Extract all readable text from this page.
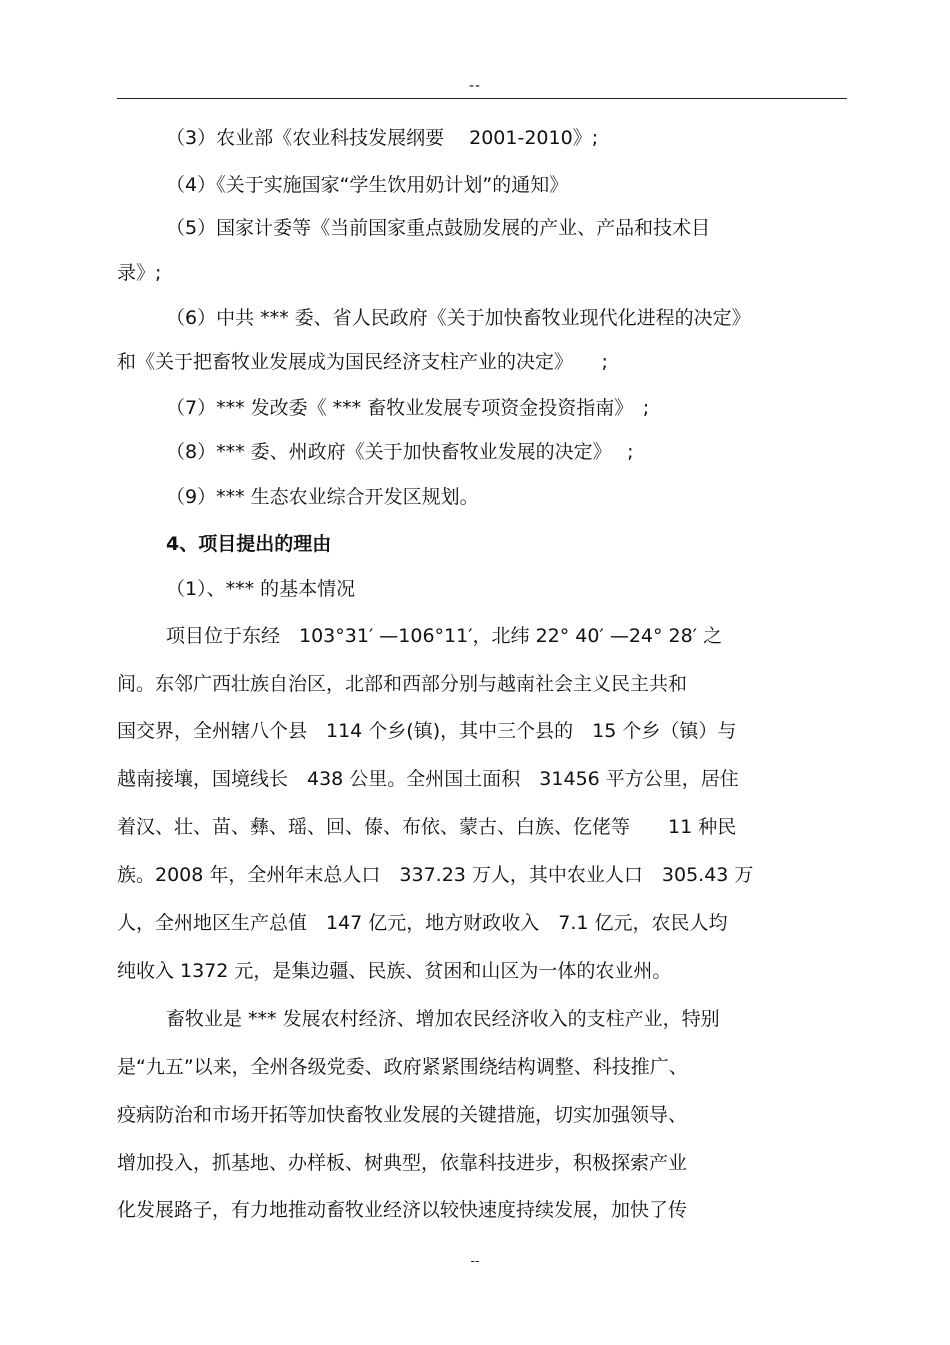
--
（3）农业部《农业科技发展纲要　 2001-2010》;
（4）《关于实施国家“学生饮用奶计划”的通知》
（5）国家计委等《当前国家重点鼓励发展的产业、产品和技术目
录》;
（6）中共 *** 委、省人民政府《关于加快畜牧业现代化进程的决定》
和《关于把畜牧业发展成为国民经济支柱产业的决定》　　;
（7）*** 发改委《 *** 畜牧业发展专项资金投资指南》　;
（8）*** 委、州政府《关于加快畜牧业发展的决定》　 ;
（9）*** 生态农业综合开发区规划。
4、项目提出的理由
（1）、*** 的基本情况
项目位于东经　103°31′ —106°11′，北纬 22° 40′ —24° 28′ 之
间。东邻广西壮族自治区，北部和西部分别与越南社会主义民主共和
国交界，全州辖八个县　114 个乡(镇)，其中三个县的　15 个乡（镇）与
越南接壤，国境线长　438 公里。全州国土面积　31456 平方公里，居住
着汉、壮、苗、彝、瑶、回、傣、布依、蒙古、白族、仡佬等　　11 种民
族。2008 年，全州年末总人口　337.23 万人，其中农业人口　305.43 万
人，全州地区生产总值　147 亿元，地方财政收入　7.1 亿元，农民人均
纯收入 1372 元，是集边疆、民族、贫困和山区为一体的农业州。
畜牧业是 *** 发展农村经济、增加农民经济收入的支柱产业，特别
是“九五”以来，全州各级党委、政府紧紧围绕结构调整、科技推广、
疫病防治和市场开拓等加快畜牧业发展的关键措施，切实加强领导、
增加投入，抓基地、办样板、树典型，依靠科技进步，积极探索产业
化发展路子，有力地推动畜牧业经济以较快速度持续发展，加快了传
--
